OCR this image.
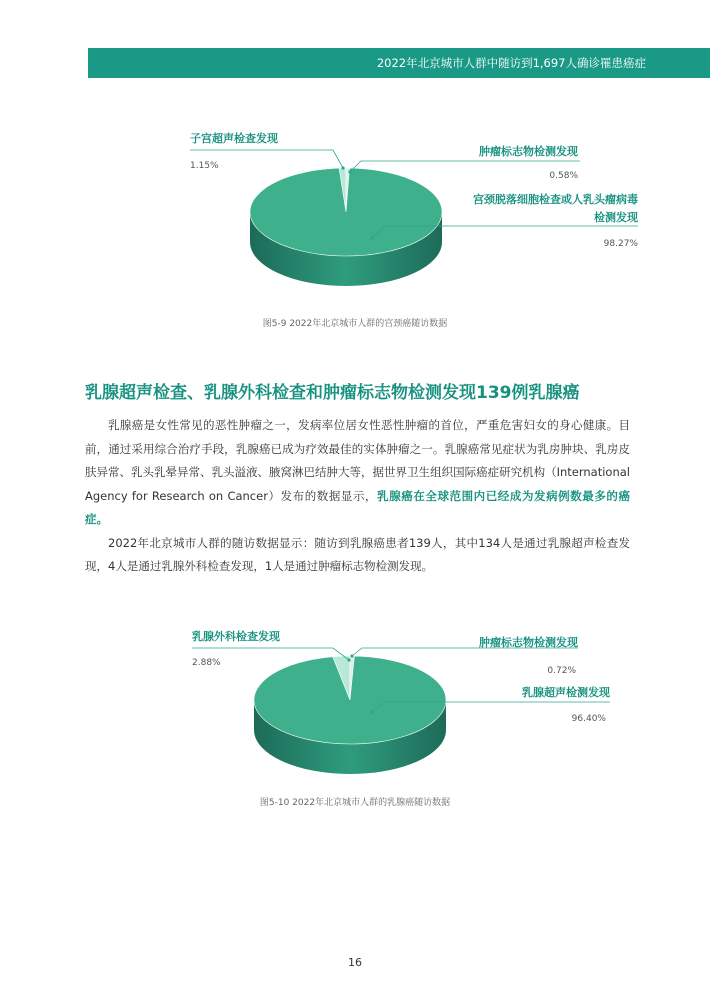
2022年北京城市人群中随访到1,697人确诊罹患癌症
子宫超声检查发现
1.15%
肿瘤标志物检测发现
0.58%
宫颈脱落细胞检查或人乳头瘤病毒
检测发现
98.27%
图5-9 2022年北京城市人群的宫颈癌随访数据
乳腺超声检查、乳腺外科检查和肿瘤标志物检测发现139例乳腺癌

乳腺癌是女性常见的恶性肿瘤之一，发病率位居女性恶性肿瘤的首位，严重危害妇女的身心健康。目前，通过采用综合治疗手段，乳腺癌已成为疗效最佳的实体肿瘤之一。乳腺癌常见症状为乳房肿块、乳房皮肤异常、乳头乳晕异常、乳头溢液、腋窝淋巴结肿大等，据世界卫生组织国际癌症研究机构（International Agency for Research on Cancer）发布的数据显示，乳腺癌在全球范围内已经成为发病例数最多的癌症。

2022年北京城市人群的随访数据显示：随访到乳腺癌患者139人，其中134人是通过乳腺超声检查发现，4人是通过乳腺外科检查发现，1人是通过肿瘤标志物检测发现。

乳腺外科检查发现
2.88%
肿瘤标志物检测发现
0.72%
乳腺超声检测发现
96.40%
图5-10 2022年北京城市人群的乳腺癌随访数据
16
